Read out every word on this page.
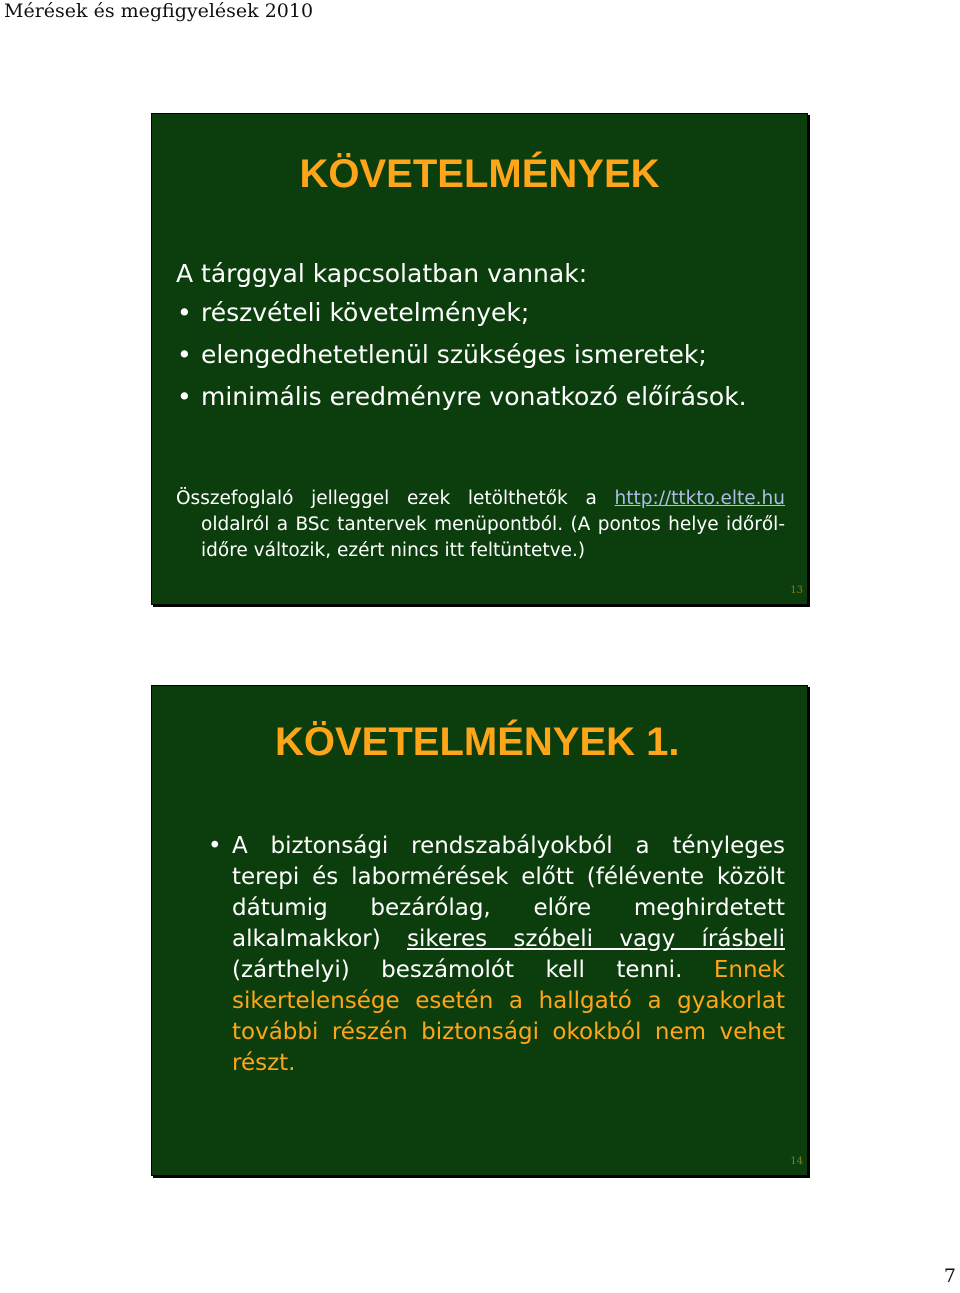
Mérések és megfigyelések 2010
KÖVETELMÉNYEK

A tárggyal kapcsolatban vannak:

• részvételi követelmények;
• elengedhetetlenül szükséges ismeretek;
• minimális eredményre vonatkozó előírások.

Összefoglaló jelleggel ezek letölthetők a http://ttkto.elte.hu oldalról a BSc tantervek menüpontból. (A pontos helye időről-időre változik, ezért nincs itt feltüntetve.)

13
KÖVETELMÉNYEK 1.

• A biztonsági rendszabályokból a tényleges terepi és labormérések előtt (félévente közölt dátumig bezárólag, előre meghirdetett alkalmakkor) sikeres szóbeli vagy írásbeli (zárthelyi) beszámolót kell tenni. Ennek sikertelensége esetén a hallgató a gyakorlat további részén biztonsági okokból nem vehet részt.

14
7
